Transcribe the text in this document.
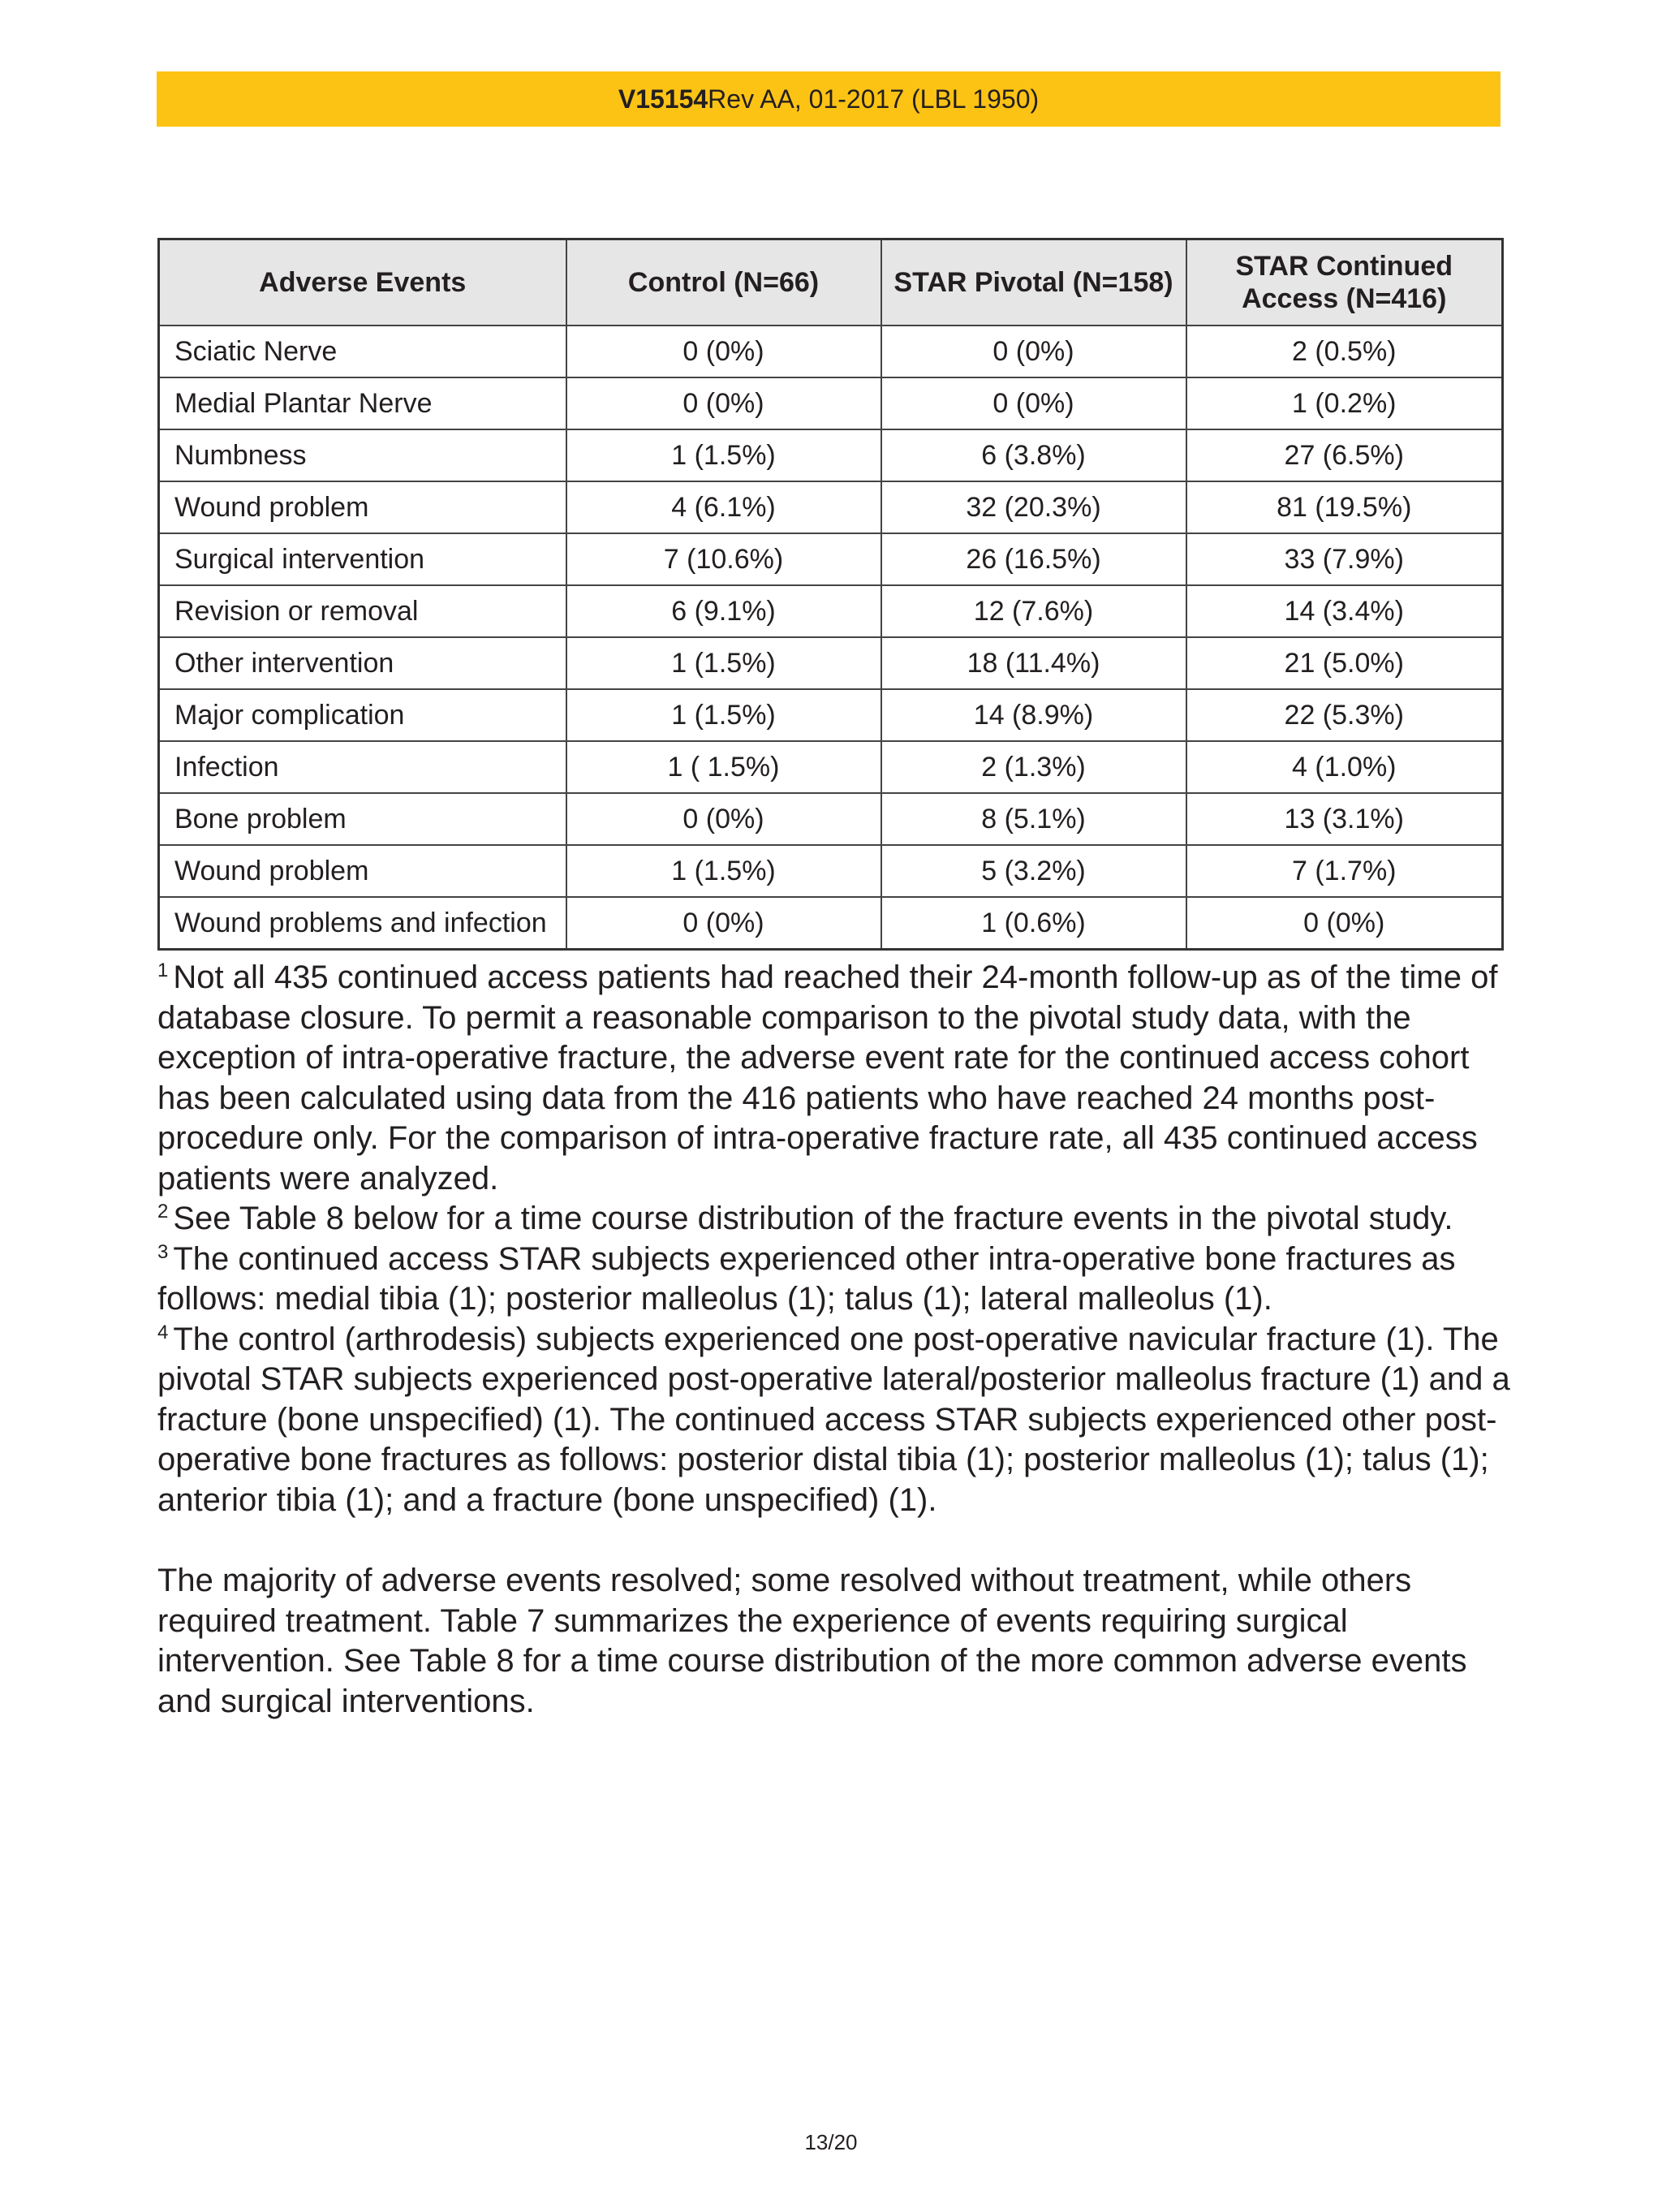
V15154 Rev AA, 01-2017 (LBL 1950)
Adverse Events	Control (N=66)	STAR Pivotal (N=158)	STAR Continued Access (N=416)
Sciatic Nerve	0 (0%)	0 (0%)	2 (0.5%)
Medial Plantar Nerve	0 (0%)	0 (0%)	1 (0.2%)
Numbness	1 (1.5%)	6 (3.8%)	27 (6.5%)
Wound problem	4 (6.1%)	32 (20.3%)	81 (19.5%)
Surgical intervention	7 (10.6%)	26 (16.5%)	33 (7.9%)
Revision or removal	6 (9.1%)	12 (7.6%)	14 (3.4%)
Other intervention	1 (1.5%)	18 (11.4%)	21 (5.0%)
Major complication	1 (1.5%)	14 (8.9%)	22 (5.3%)
Infection	1 ( 1.5%)	2 (1.3%)	4 (1.0%)
Bone problem	0 (0%)	8 (5.1%)	13 (3.1%)
Wound problem	1 (1.5%)	5 (3.2%)	7 (1.7%)
Wound problems and infection	0 (0%)	1 (0.6%)	0 (0%)

$^1$ Not all 435 continued access patients had reached their 24-month follow-up as of the time of database closure. To permit a reasonable comparison to the pivotal study data, with the exception of intra-operative fracture, the adverse event rate for the continued access cohort has been calculated using data from the 416 patients who have reached 24 months post-procedure only. For the comparison of intra-operative fracture rate, all 435 continued access patients were analyzed.

$^2$ See Table 8 below for a time course distribution of the fracture events in the pivotal study.

$^3$ The continued access STAR subjects experienced other intra-operative bone fractures as follows: medial tibia (1); posterior malleolus (1); talus (1); lateral malleolus (1).

$^4$ The control (arthrodesis) subjects experienced one post-operative navicular fracture (1). The pivotal STAR subjects experienced post-operative lateral/posterior malleolus fracture (1) and a fracture (bone unspecified) (1). The continued access STAR subjects experienced other post-operative bone fractures as follows: posterior distal tibia (1); posterior malleolus (1); talus (1); anterior tibia (1); and a fracture (bone unspecified) (1).

The majority of adverse events resolved; some resolved without treatment, while others required treatment. Table 7 summarizes the experience of events requiring surgical intervention. See Table 8 for a time course distribution of the more common adverse events and surgical interventions.

13/20
